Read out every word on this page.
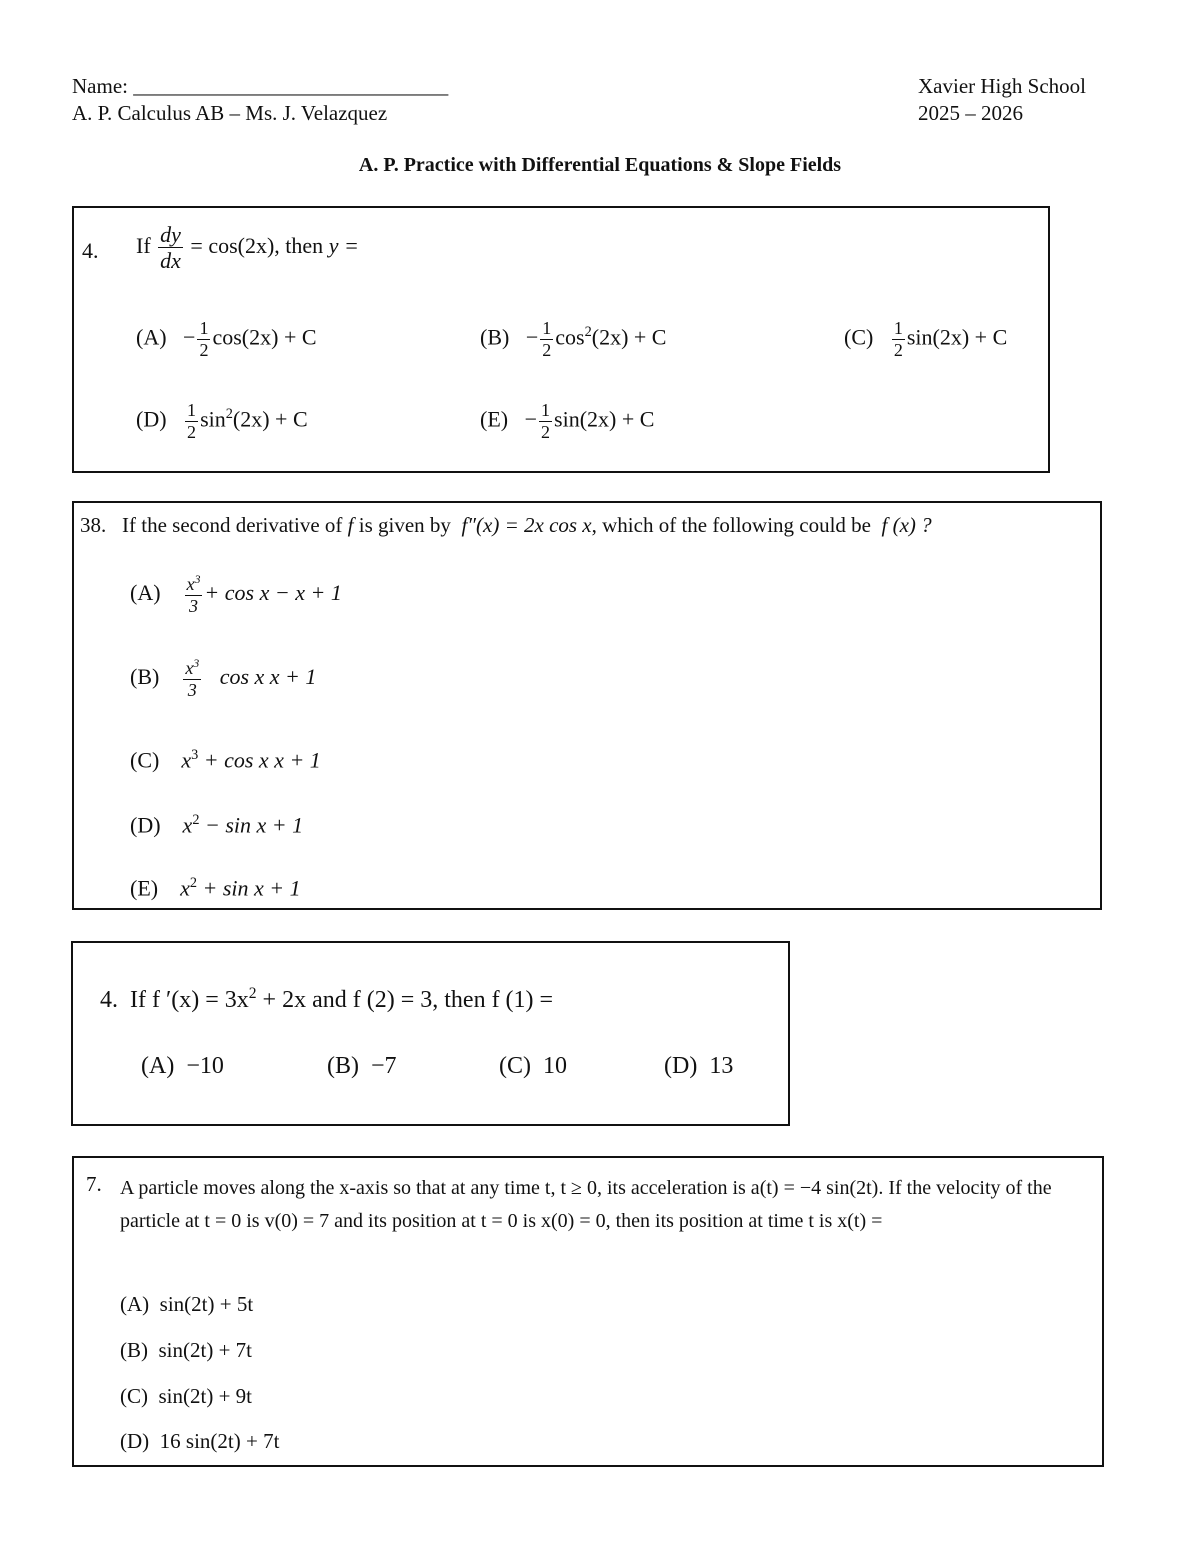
Name: ______________________________
A. P. Calculus AB – Ms. J. Velazquez
Xavier High School
2025 – 2026
A. P. Practice with Differential Equations & Slope Fields
4. If $\frac{dy}{dx} = \cos(2x)$, then y =
$(A) - \frac{1}{2} \cos(2x) + C$	$(B) - \frac{1}{2} \cos^2(2x) + C$	$(C) \frac{1}{2} \sin(2x) + C$
$(D) \frac{1}{2} \sin^2(2x) + C$	$(E) - \frac{1}{2} \sin(2x) + C$
38. If the second derivative of f is given by f″(x) = 2x cos x, which of the following could be f (x) ?
$(A) \frac{x^3}{3} + \cos x - x + 1$
$(B) \frac{x^3}{3}$ cos x x + 1
(C) $x^3 + \cos x$ x + 1
(D) $x^2 - \sin x + 1$
(E) $x^2 + \sin x + 1$
4. If f $'(x) = 3x^2 + 2x$ and f (2) = 3, then f (1) =
(A) −10	(B) −7	(C) 10	(D) 13
7. A particle moves along the x-axis so that at any time t, t ≥ 0, its acceleration is a(t) = −4 sin(2t). If the velocity of the particle at t = 0 is v(0) = 7 and its position at t = 0 is x(0) = 0, then its position at time t is x(t) =
(A) sin(2t) + 5t
(B) sin(2t) + 7t
(C) sin(2t) + 9t
(D) 16 sin(2t) + 7t
